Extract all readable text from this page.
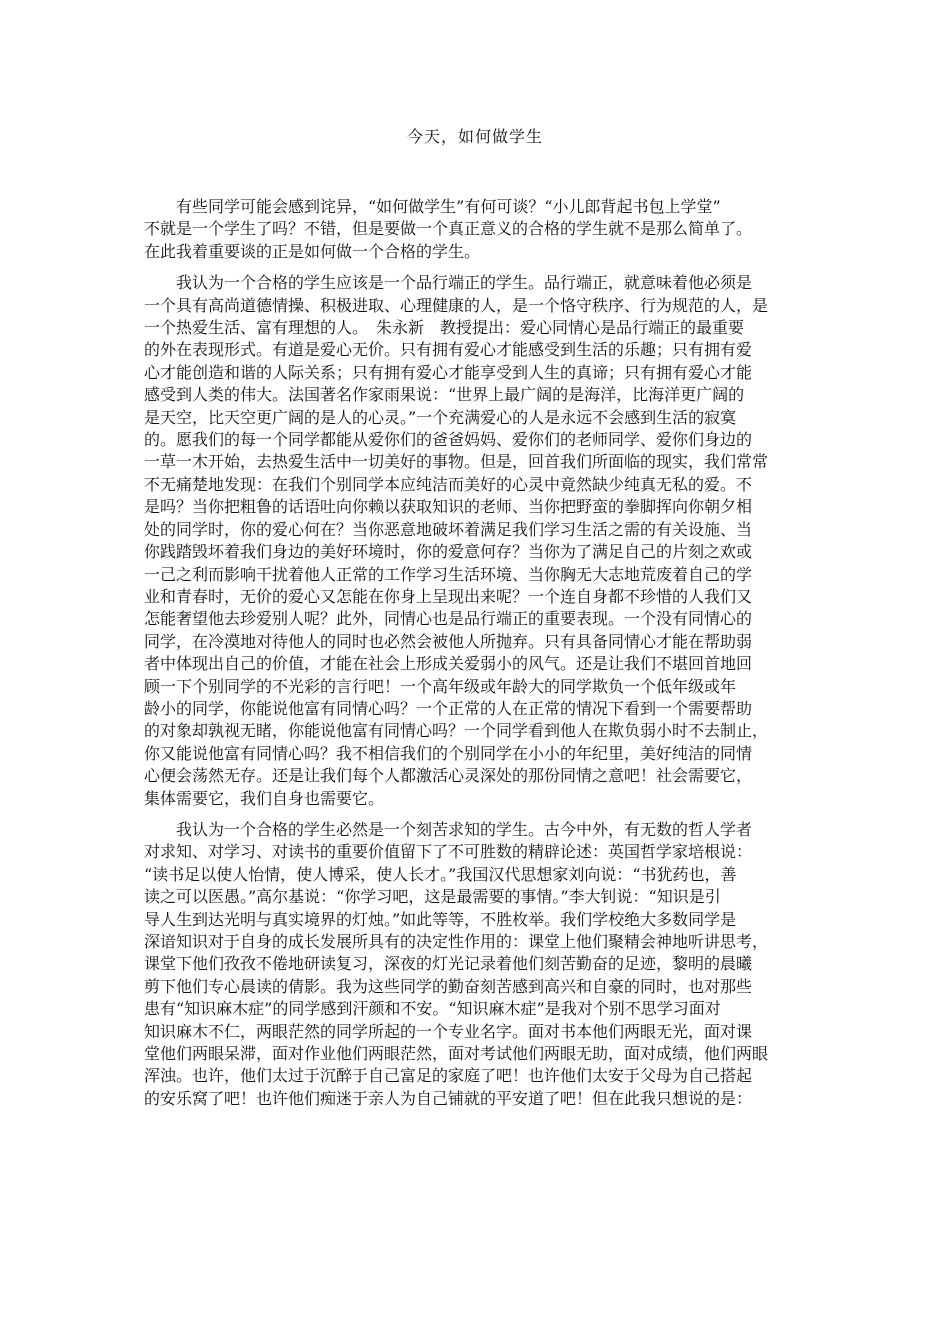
今天，如何做学生

有些同学可能会感到诧异，“如何做学生”有何可谈？“小儿郎背起书包上学堂”
不就是一个学生了吗？不错，但是要做一个真正意义的合格的学生就不是那么简单了。
在此我着重要谈的正是如何做一个合格的学生。

我认为一个合格的学生应该是一个品行端正的学生。品行端正，就意味着他必须是
一个具有高尚道德情操、积极进取、心理健康的人，是一个恪守秩序、行为规范的人，是
一个热爱生活、富有理想的人。　朱永新　教授提出：爱心同情心是品行端正的最重要
的外在表现形式。有道是爱心无价。只有拥有爱心才能感受到生活的乐趣；只有拥有爱
心才能创造和谐的人际关系；只有拥有爱心才能享受到人生的真谛；只有拥有爱心才能
感受到人类的伟大。法国著名作家雨果说：“世界上最广阔的是海洋，比海洋更广阔的
是天空，比天空更广阔的是人的心灵。”一个充满爱心的人是永远不会感到生活的寂寞
的。愿我们的每一个同学都能从爱你们的爸爸妈妈、爱你们的老师同学、爱你们身边的
一草一木开始，去热爱生活中一切美好的事物。但是，回首我们所面临的现实，我们常常
不无痛楚地发现：在我们个别同学本应纯洁而美好的心灵中竟然缺少纯真无私的爱。不
是吗？当你把粗鲁的话语吐向你赖以获取知识的老师、当你把野蛮的拳脚挥向你朝夕相
处的同学时，你的爱心何在？当你恶意地破坏着满足我们学习生活之需的有关设施、当
你践踏毁坏着我们身边的美好环境时，你的爱意何存？当你为了满足自己的片刻之欢或
一己之利而影响干扰着他人正常的工作学习生活环境、当你胸无大志地荒废着自己的学
业和青春时，无价的爱心又怎能在你身上呈现出来呢？一个连自身都不珍惜的人我们又
怎能奢望他去珍爱别人呢？此外，同情心也是品行端正的重要表现。一个没有同情心的
同学，在冷漠地对待他人的同时也必然会被他人所抛弃。只有具备同情心才能在帮助弱
者中体现出自己的价值，才能在社会上形成关爱弱小的风气。还是让我们不堪回首地回
顾一下个别同学的不光彩的言行吧！一个高年级或年龄大的同学欺负一个低年级或年
龄小的同学，你能说他富有同情心吗？一个正常的人在正常的情况下看到一个需要帮助
的对象却孰视无睹，你能说他富有同情心吗？一个同学看到他人在欺负弱小时不去制止，
你又能说他富有同情心吗？我不相信我们的个别同学在小小的年纪里，美好纯洁的同情
心便会荡然无存。还是让我们每个人都激活心灵深处的那份同情之意吧！社会需要它，
集体需要它，我们自身也需要它。

我认为一个合格的学生必然是一个刻苦求知的学生。古今中外，有无数的哲人学者
对求知、对学习、对读书的重要价值留下了不可胜数的精辟论述：英国哲学家培根说：
“读书足以使人怡情，使人博采，使人长才。”我国汉代思想家刘向说：“书犹药也，善
读之可以医愚。”高尔基说：“你学习吧，这是最需要的事情。”李大钊说：“知识是引
导人生到达光明与真实境界的灯烛。”如此等等，不胜枚举。我们学校绝大多数同学是
深谙知识对于自身的成长发展所具有的决定性作用的：课堂上他们聚精会神地听讲思考，
课堂下他们孜孜不倦地研读复习，深夜的灯光记录着他们刻苦勤奋的足迹，黎明的晨曦
剪下他们专心晨读的倩影。我为这些同学的勤奋刻苦感到高兴和自豪的同时，也对那些
患有“知识麻木症”的同学感到汗颜和不安。“知识麻木症”是我对个别不思学习面对
知识麻木不仁，两眼茫然的同学所起的一个专业名字。面对书本他们两眼无光，面对课
堂他们两眼呆滞，面对作业他们两眼茫然，面对考试他们两眼无助，面对成绩，他们两眼
浑浊。也许，他们太过于沉醉于自己富足的家庭了吧！也许他们太安于父母为自己搭起
的安乐窝了吧！也许他们痴迷于亲人为自己铺就的平安道了吧！但在此我只想说的是：
